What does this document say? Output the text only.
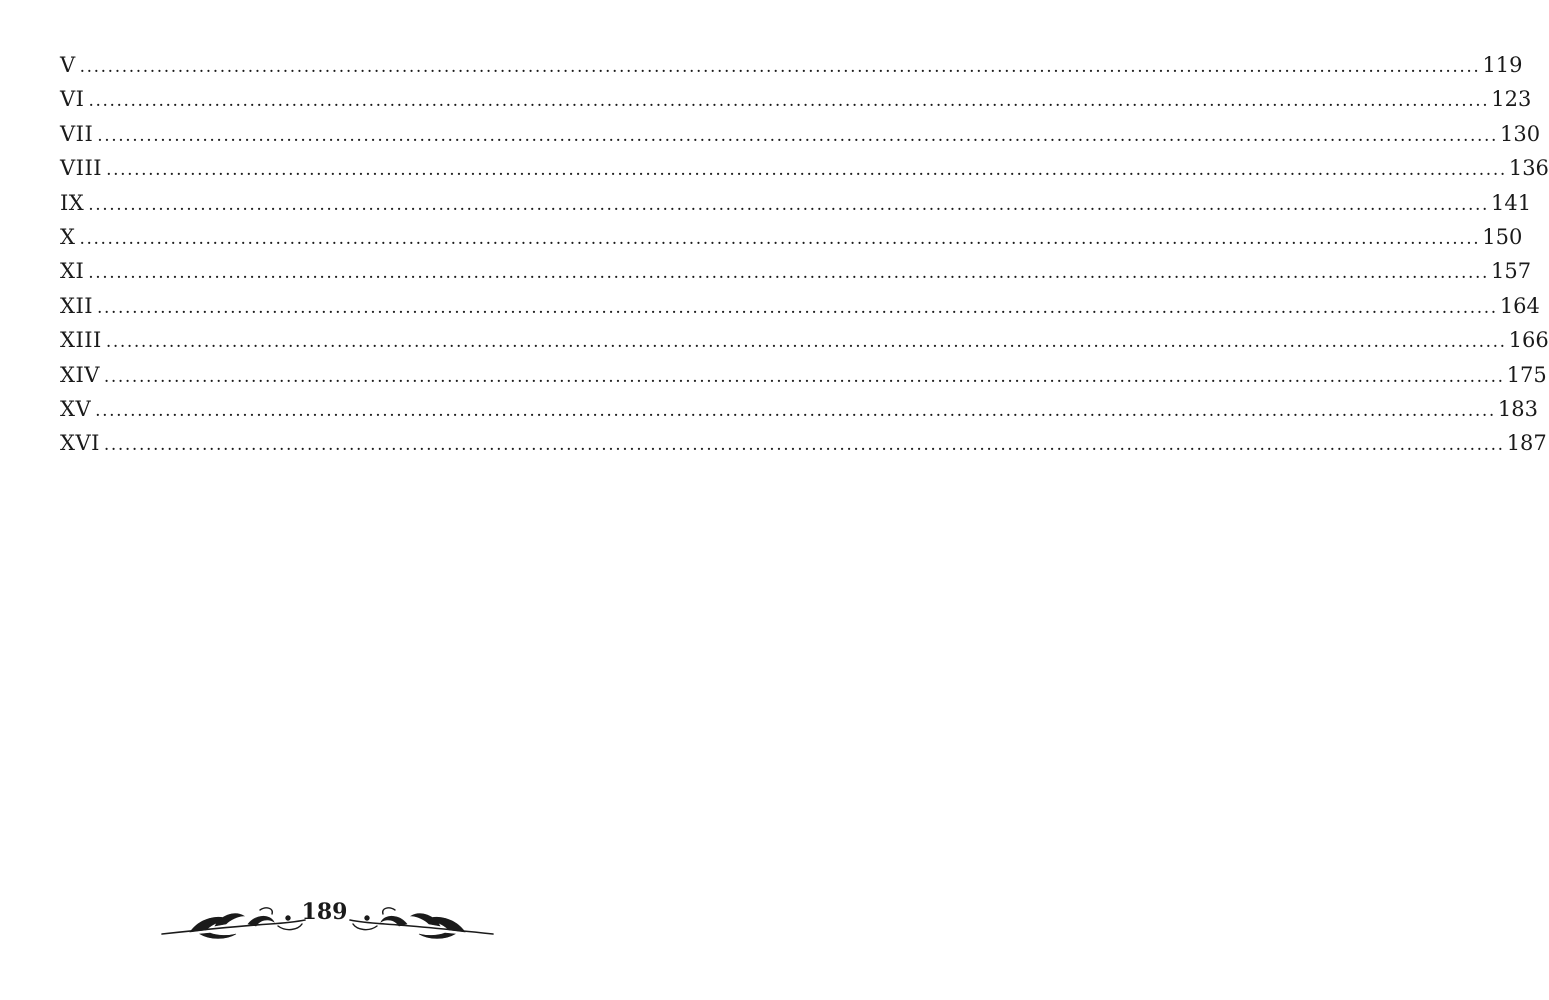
V ........................................................................................................................................................................................................ 119
VI ........................................................................................................................................................................................................ 123
VII ........................................................................................................................................................................................................ 130
VIII ........................................................................................................................................................................................................ 136
IX ........................................................................................................................................................................................................ 141
X ........................................................................................................................................................................................................ 150
XI ........................................................................................................................................................................................................ 157
XII ........................................................................................................................................................................................................ 164
XIII ........................................................................................................................................................................................................ 166
XIV ........................................................................................................................................................................................................ 175
XV ........................................................................................................................................................................................................ 183
XVI ........................................................................................................................................................................................................ 187
189
